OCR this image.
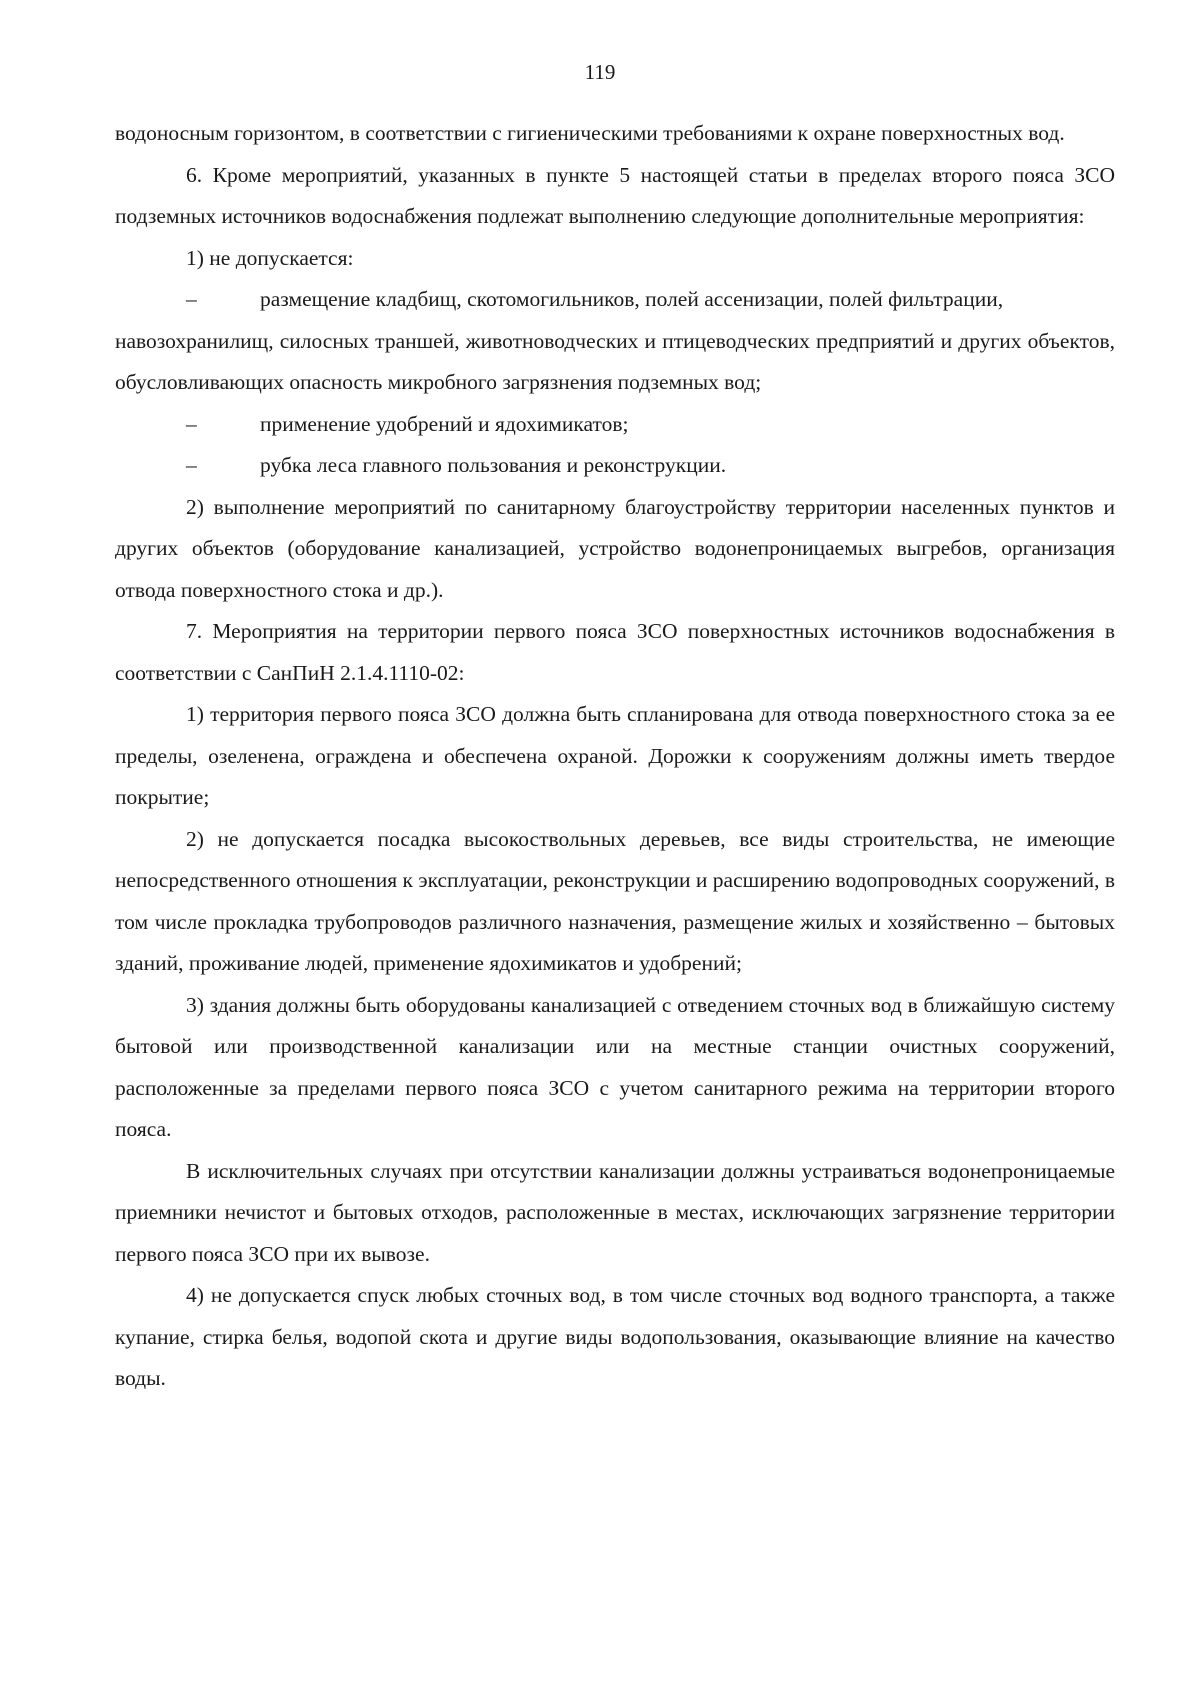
119

водоносным горизонтом, в соответствии с гигиеническими требованиями к охране поверхностных вод.

6. Кроме мероприятий, указанных в пункте 5 настоящей статьи в пределах второго пояса ЗСО подземных источников водоснабжения подлежат выполнению следующие дополнительные мероприятия:

1) не допускается:

–	размещение кладбищ, скотомогильников, полей ассенизации, полей фильтрации,

навозохранилищ, силосных траншей, животноводческих и птицеводческих предприятий и других объектов, обусловливающих опасность микробного загрязнения подземных вод;

–	применение удобрений и ядохимикатов;
–	рубка леса главного пользования и реконструкции.

2) выполнение мероприятий по санитарному благоустройству территории населенных пунктов и других объектов (оборудование канализацией, устройство водонепроницаемых выгребов, организация отвода поверхностного стока и др.).

7. Мероприятия на территории первого пояса ЗСО поверхностных источников водоснабжения в соответствии с СанПиН 2.1.4.1110-02:

1) территория первого пояса ЗСО должна быть спланирована для отвода поверхностного стока за ее пределы, озеленена, ограждена и обеспечена охраной. Дорожки к сооружениям должны иметь твердое покрытие;

2) не допускается посадка высокоствольных деревьев, все виды строительства, не имеющие непосредственного отношения к эксплуатации, реконструкции и расширению водопроводных сооружений, в том числе прокладка трубопроводов различного назначения, размещение жилых и хозяйственно – бытовых зданий, проживание людей, применение ядохимикатов и удобрений;

3) здания должны быть оборудованы канализацией с отведением сточных вод в ближайшую систему бытовой или производственной канализации или на местные станции очистных сооружений, расположенные за пределами первого пояса ЗСО с учетом санитарного режима на территории второго пояса.

В исключительных случаях при отсутствии канализации должны устраиваться водонепроницаемые приемники нечистот и бытовых отходов, расположенные в местах, исключающих загрязнение территории первого пояса ЗСО при их вывозе.

4) не допускается спуск любых сточных вод, в том числе сточных вод водного транспорта, а также купание, стирка белья, водопой скота и другие виды водопользования, оказывающие влияние на качество воды.
